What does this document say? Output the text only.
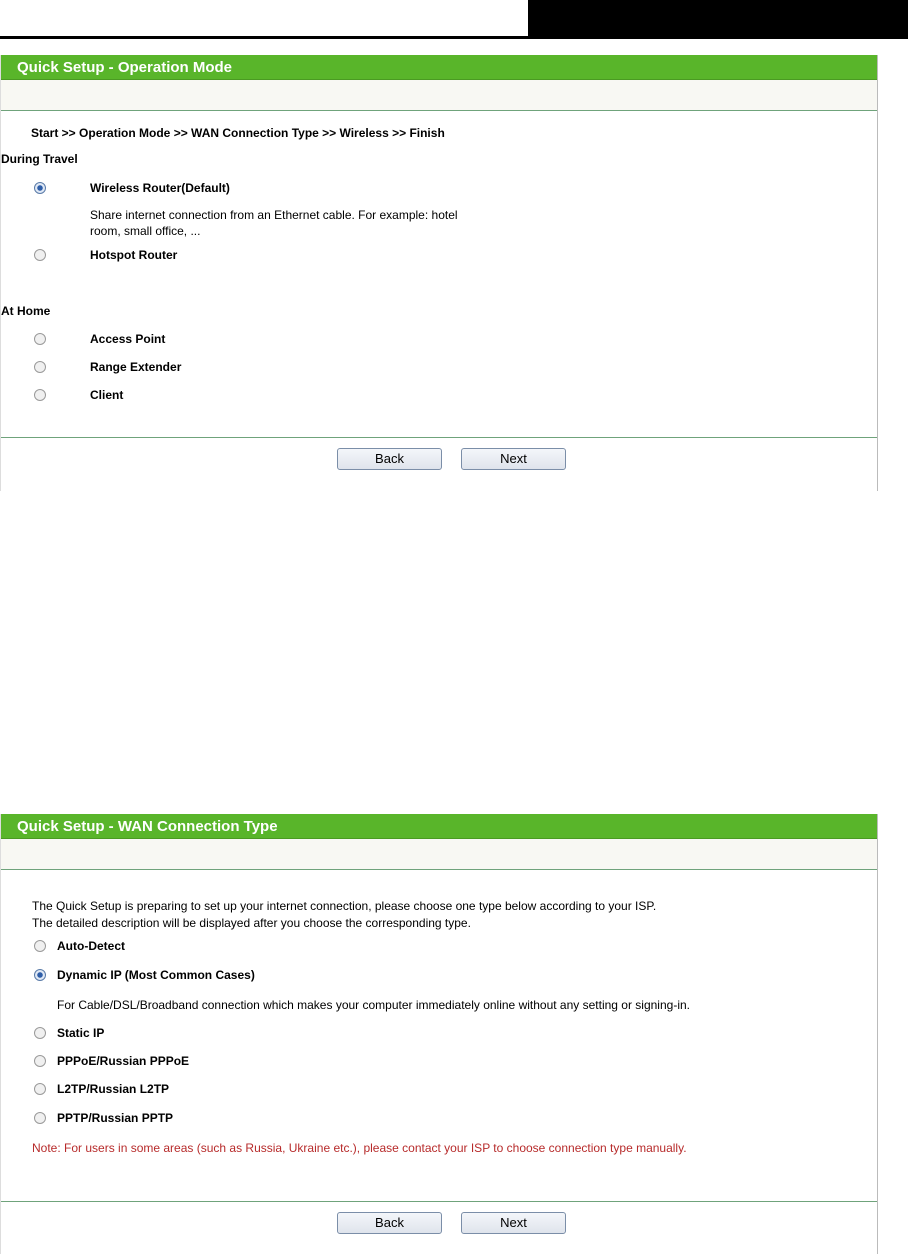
Quick Setup - Operation Mode
Start >> Operation Mode >> WAN Connection Type >> Wireless >> Finish
During Travel
Wireless Router(Default)
Share internet connection from an Ethernet cable. For example: hotel
room, small office, ...
Hotspot Router
At Home
Access Point
Range Extender
Client
Back	Next
Quick Setup - WAN Connection Type
The Quick Setup is preparing to set up your internet connection, please choose one type below according to your ISP.
The detailed description will be displayed after you choose the corresponding type.
Auto-Detect
Dynamic IP (Most Common Cases)
For Cable/DSL/Broadband connection which makes your computer immediately online without any setting or signing-in.
Static IP
PPPoE/Russian PPPoE
L2TP/Russian L2TP
PPTP/Russian PPTP
Note: For users in some areas (such as Russia, Ukraine etc.), please contact your ISP to choose connection type manually.
Back	Next
